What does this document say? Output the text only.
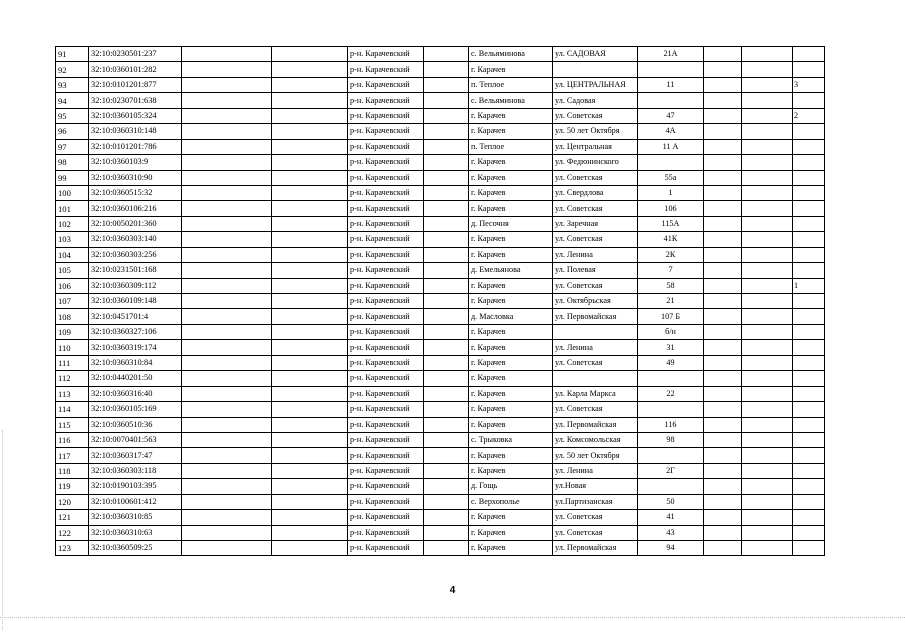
91	32:10:0230501:237			р-н. Карачевский		с. Вельяминова	ул. САДОВАЯ	21А			
92	32:10:0360101:282			р-н. Карачевский		г. Карачев					
93	32:10:0101201:877			р-н. Карачевский		п. Теплое	ул. ЦЕНТРАЛЬНАЯ	11			3
94	32:10:0230701:638			р-н. Карачевский		с. Вельяминова	ул. Садовая				
95	32:10:0360105:324			р-н. Карачевский		г. Карачев	ул. Советская	47			2
96	32:10:0360310:148			р-н. Карачевский		г. Карачев	ул. 50 лет Октября	4А			
97	32:10:0101201:786			р-н. Карачевский		п. Теплое	ул. Центральная	11 А			
98	32:10:0360103:9			р-н. Карачевский		г. Карачев	ул. Федюнинского				
99	32:10:0360310:90			р-н. Карачевский		г. Карачев	ул. Советская	55а			
100	32:10:0360515:32			р-н. Карачевский		г. Карачев	ул. Свердлова	1			
101	32:10:0360106:216			р-н. Карачевский		г. Карачев	ул. Советская	106			
102	32:10:0050201:360			р-н. Карачевский		д. Песочня	ул. Заречная	115А			
103	32:10:0360303:140			р-н. Карачевский		г. Карачев	ул. Советская	41К			
104	32:10:0360303:256			р-н. Карачевский		г. Карачев	ул. Ленина	2К			
105	32:10:0231501:168			р-н. Карачевский		д. Емельянова	ул. Полевая	7			
106	32:10:0360309:112			р-н. Карачевский		г. Карачев	ул. Советская	58			1
107	32:10:0360109:148			р-н. Карачевский		г. Карачев	ул. Октябрьская	21			
108	32:10:0451701:4			р-н. Карачевский		д. Масловка	ул. Первомайская	107 Б			
109	32:10:0360327:106			р-н. Карачевский		г. Карачев		б/н			
110	32:10:0360319:174			р-н. Карачевский		г. Карачев	ул. Ленина	31			
111	32:10:0360310:84			р-н. Карачевский		г. Карачев	ул. Советская	49			
112	32:10:0440201:50			р-н. Карачевский		г. Карачев					
113	32:10:0360316:40			р-н. Карачевский		г. Карачев	ул. Карла Маркса	22			
114	32:10:0360105:169			р-н. Карачевский		г. Карачев	ул. Советская				
115	32:10:0360510:36			р-н. Карачевский		г. Карачев	ул. Первомайская	116			
116	32:10:0070401:563			р-н. Карачевский		с. Трыковка	ул. Комсомольская	98			
117	32:10:0360317:47			р-н. Карачевский		г. Карачев	ул. 50 лет Октября				
118	32:10:0360303:118			р-н. Карачевский		г. Карачев	ул. Ленина	2Г			
119	32:10:0190103:395			р-н. Карачевский		д. Гощь	ул.Новая				
120	32:10:0100601:412			р-н. Карачевский		с. Верхополье	ул.Партизанская	50			
121	32:10:0360310:85			р-н. Карачевский		г. Карачев	ул. Советская	41			
122	32:10:0360310:63			р-н. Карачевский		г. Карачев	ул. Советская	43			
123	32:10:0360509:25			р-н. Карачевский		г. Карачев	ул. Первомайская	94			
4
